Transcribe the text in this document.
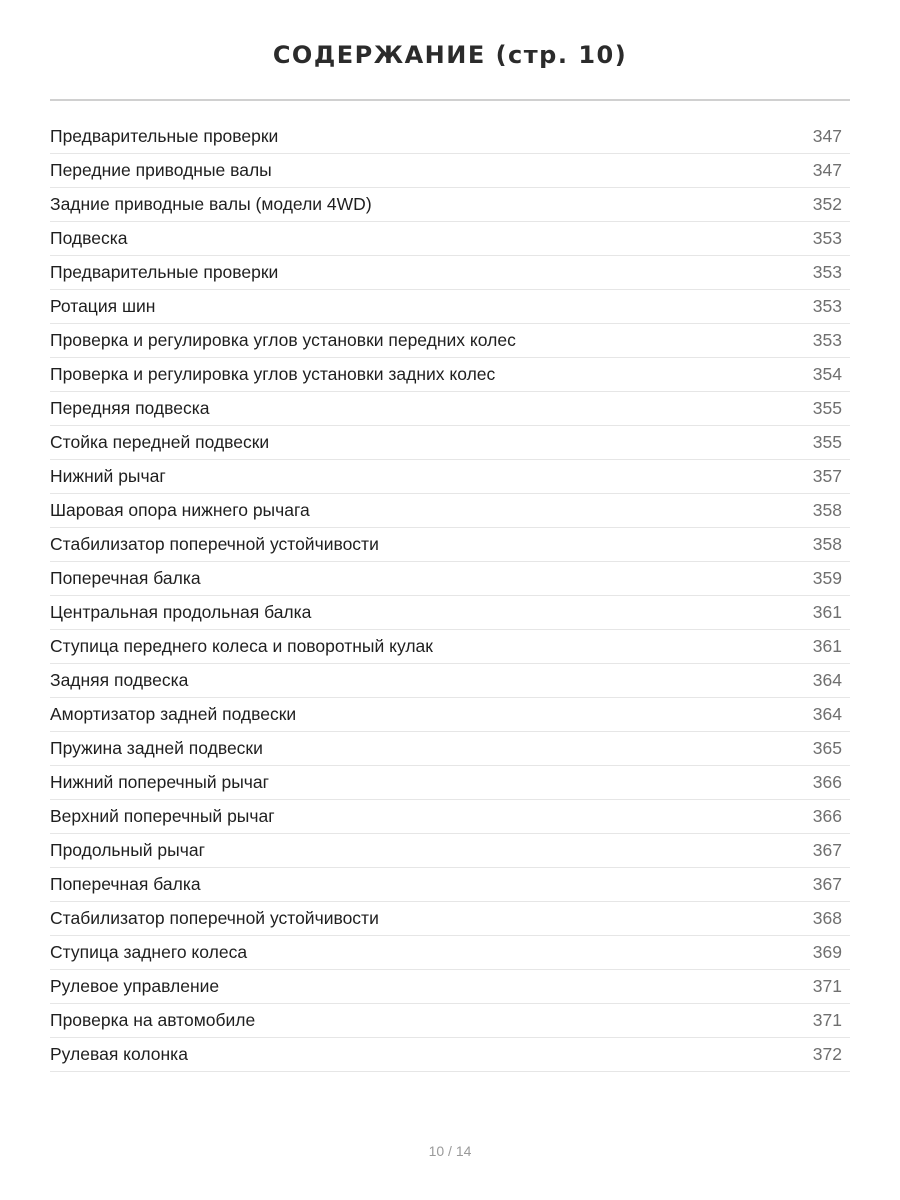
СОДЕРЖАНИЕ (стр. 10)
Предварительные проверки	347
Передние приводные валы	347
Задние приводные валы (модели 4WD)	352
Подвеска	353
Предварительные проверки	353
Ротация шин	353
Проверка и регулировка углов установки передних колес	353
Проверка и регулировка углов установки задних колес	354
Передняя подвеска	355
Стойка передней подвески	355
Нижний рычаг	357
Шаровая опора нижнего рычага	358
Стабилизатор поперечной устойчивости	358
Поперечная балка	359
Центральная продольная балка	361
Ступица переднего колеса и поворотный кулак	361
Задняя подвеска	364
Амортизатор задней подвески	364
Пружина задней подвески	365
Нижний поперечный рычаг	366
Верхний поперечный рычаг	366
Продольный рычаг	367
Поперечная балка	367
Стабилизатор поперечной устойчивости	368
Ступица заднего колеса	369
Рулевое управление	371
Проверка на автомобиле	371
Рулевая колонка	372
10 / 14
